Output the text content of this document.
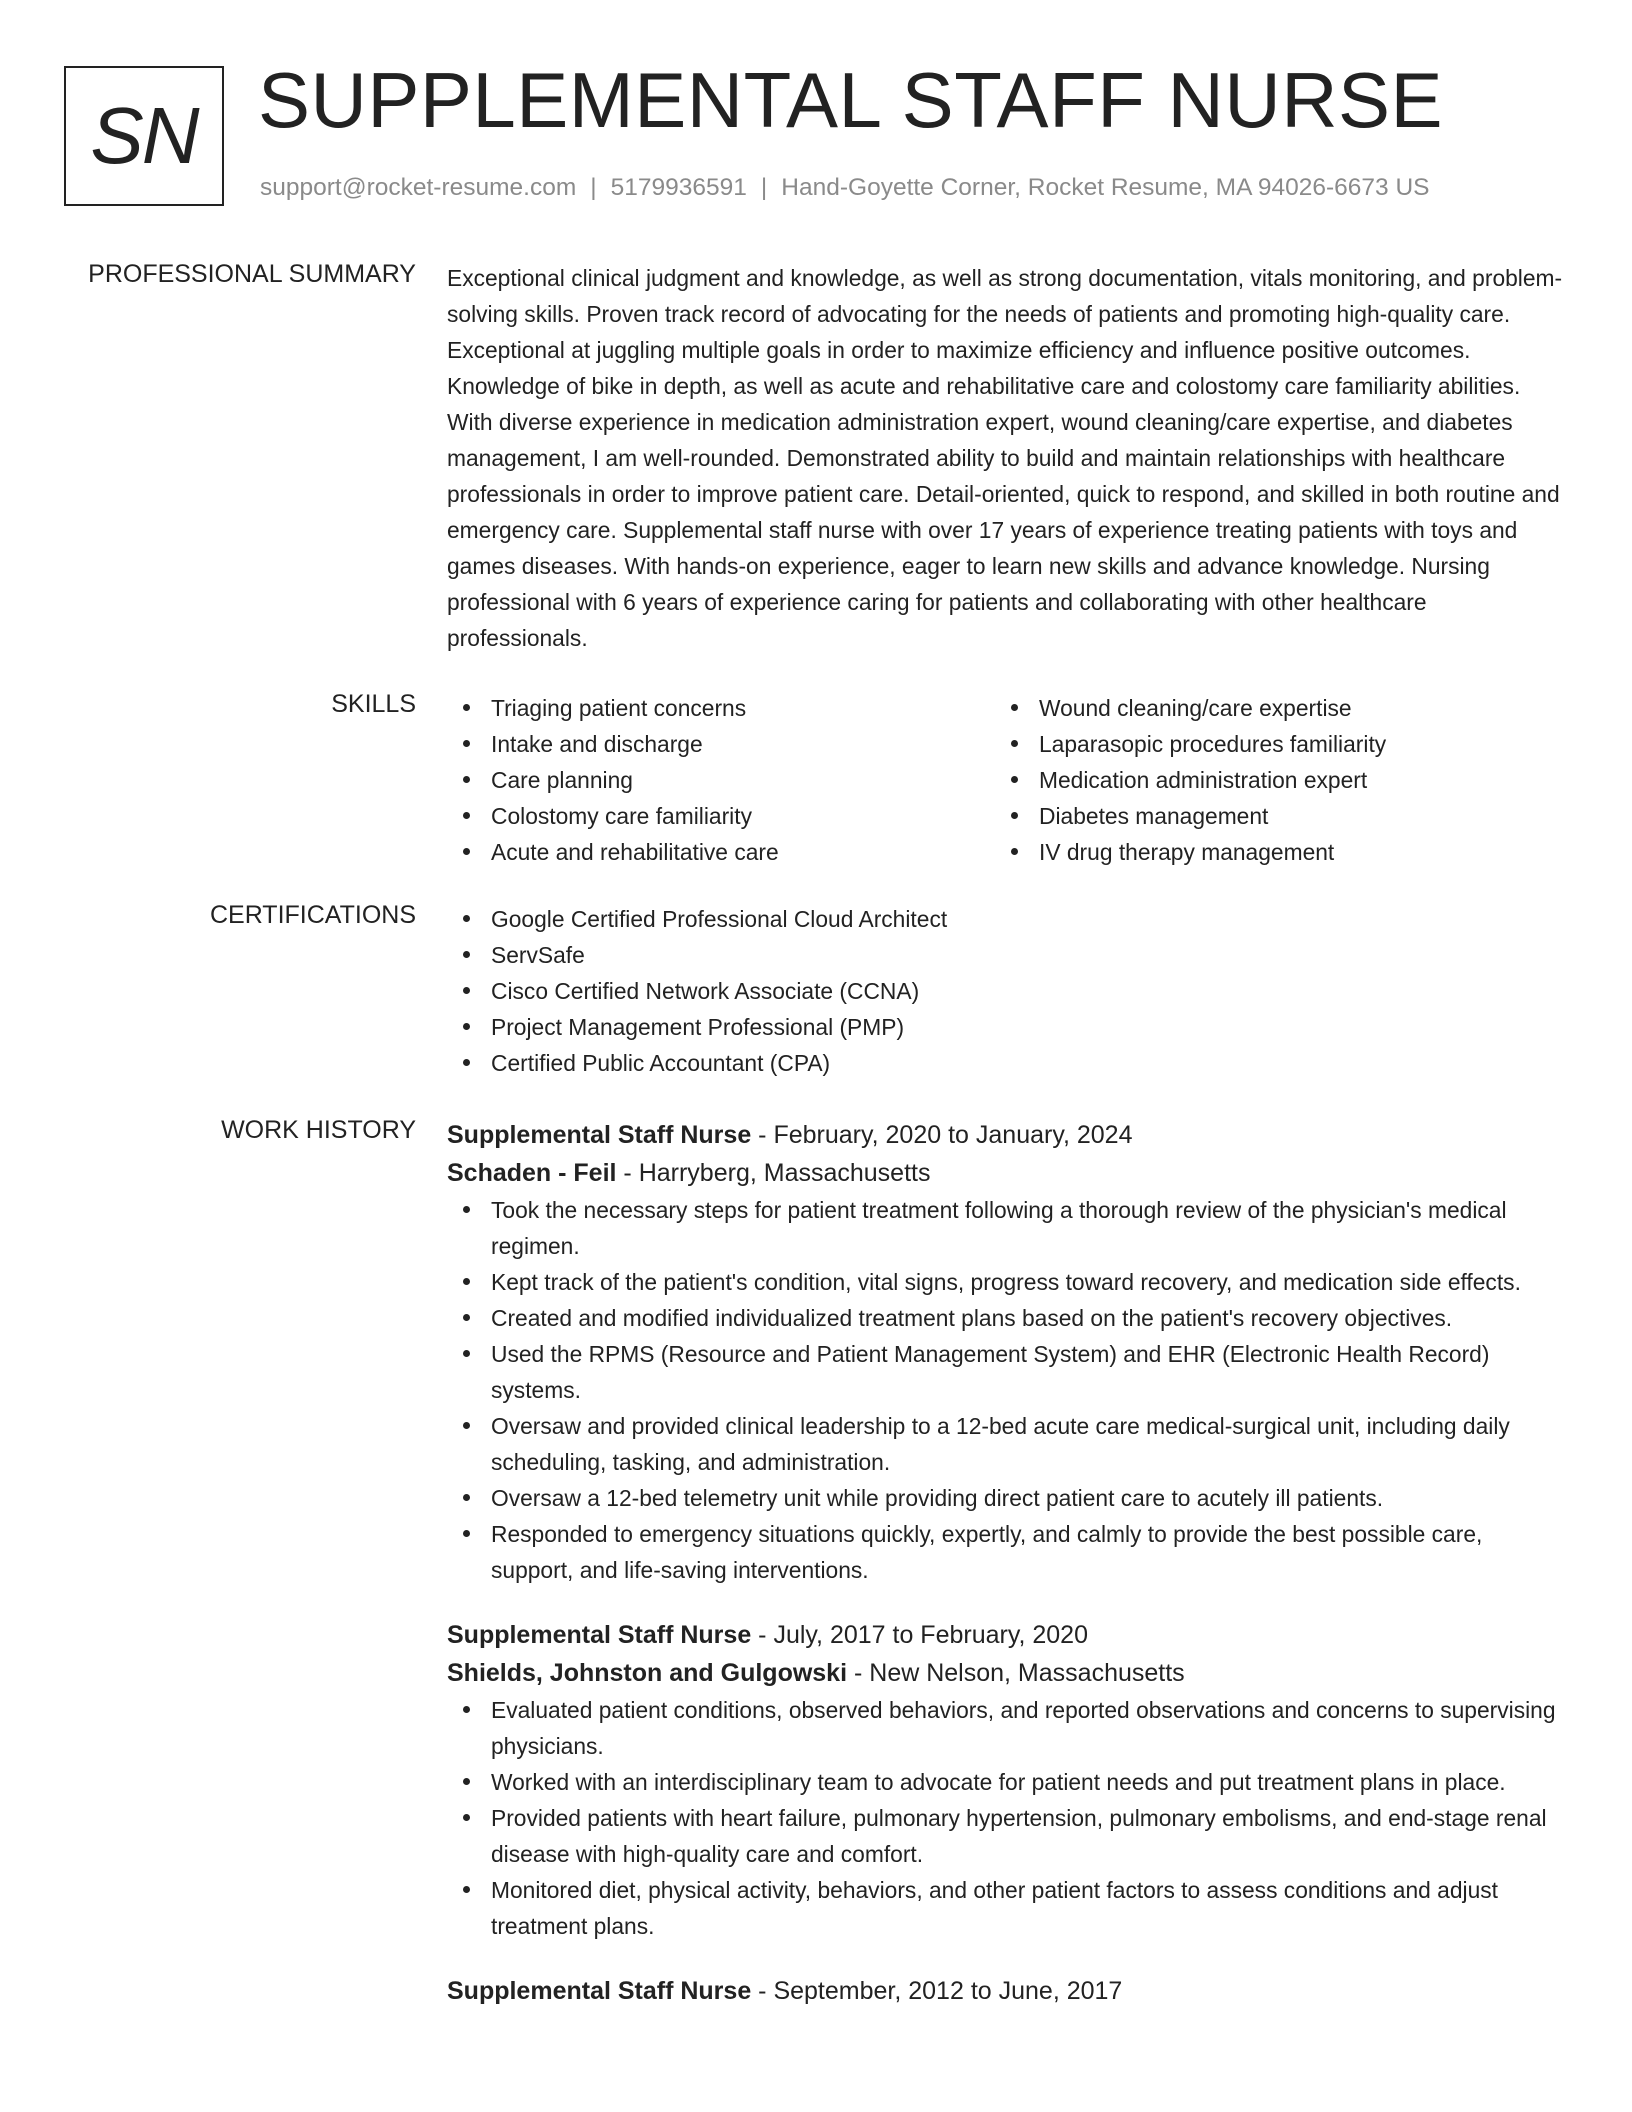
SN SUPPLEMENTAL STAFF NURSE
support@rocket-resume.com | 5179936591 | Hand-Goyette Corner, Rocket Resume, MA 94026-6673 US
PROFESSIONAL SUMMARY Exceptional clinical judgment and knowledge, as well as strong documentation, vitals monitoring, and problem-solving skills. Proven track record of advocating for the needs of patients and promoting high-quality care. Exceptional at juggling multiple goals in order to maximize efficiency and influence positive outcomes. Knowledge of bike in depth, as well as acute and rehabilitative care and colostomy care familiarity abilities. With diverse experience in medication administration expert, wound cleaning/care expertise, and diabetes management, I am well-rounded. Demonstrated ability to build and maintain relationships with healthcare professionals in order to improve patient care. Detail-oriented, quick to respond, and skilled in both routine and emergency care. Supplemental staff nurse with over 17 years of experience treating patients with toys and games diseases. With hands-on experience, eager to learn new skills and advance knowledge. Nursing professional with 6 years of experience caring for patients and collaborating with other healthcare professionals.

SKILLS	Triaging patient concerns
Intake and discharge
Care planning
Colostomy care familiarity
Acute and rehabilitative care
Wound cleaning/care expertise
Laparasopic procedures familiarity
Medication administration expert
Diabetes management
IV drug therapy management
CERTIFICATIONS	Google Certified Professional Cloud Architect
ServSafe
Cisco Certified Network Associate (CCNA)
Project Management Professional (PMP)
Certified Public Accountant (CPA)
WORK HISTORY Supplemental Staff Nurse - February, 2020 to January, 2024
Schaden - Feil - Harryberg, Massachusetts
Took the necessary steps for patient treatment following a thorough review of the physician's medical regimen.
Kept track of the patient's condition, vital signs, progress toward recovery, and medication side effects.
Created and modified individualized treatment plans based on the patient's recovery objectives.
Used the RPMS (Resource and Patient Management System) and EHR (Electronic Health Record) systems.
Oversaw and provided clinical leadership to a 12-bed acute care medical-surgical unit, including daily scheduling, tasking, and administration.
Oversaw a 12-bed telemetry unit while providing direct patient care to acutely ill patients.
Responded to emergency situations quickly, expertly, and calmly to provide the best possible care, support, and life-saving interventions.
Supplemental Staff Nurse - July, 2017 to February, 2020
Shields, Johnston and Gulgowski - New Nelson, Massachusetts
Evaluated patient conditions, observed behaviors, and reported observations and concerns to supervising physicians.
Worked with an interdisciplinary team to advocate for patient needs and put treatment plans in place.
Provided patients with heart failure, pulmonary hypertension, pulmonary embolisms, and end-stage renal disease with high-quality care and comfort.
Monitored diet, physical activity, behaviors, and other patient factors to assess conditions and adjust treatment plans.
Supplemental Staff Nurse - September, 2012 to June, 2017
